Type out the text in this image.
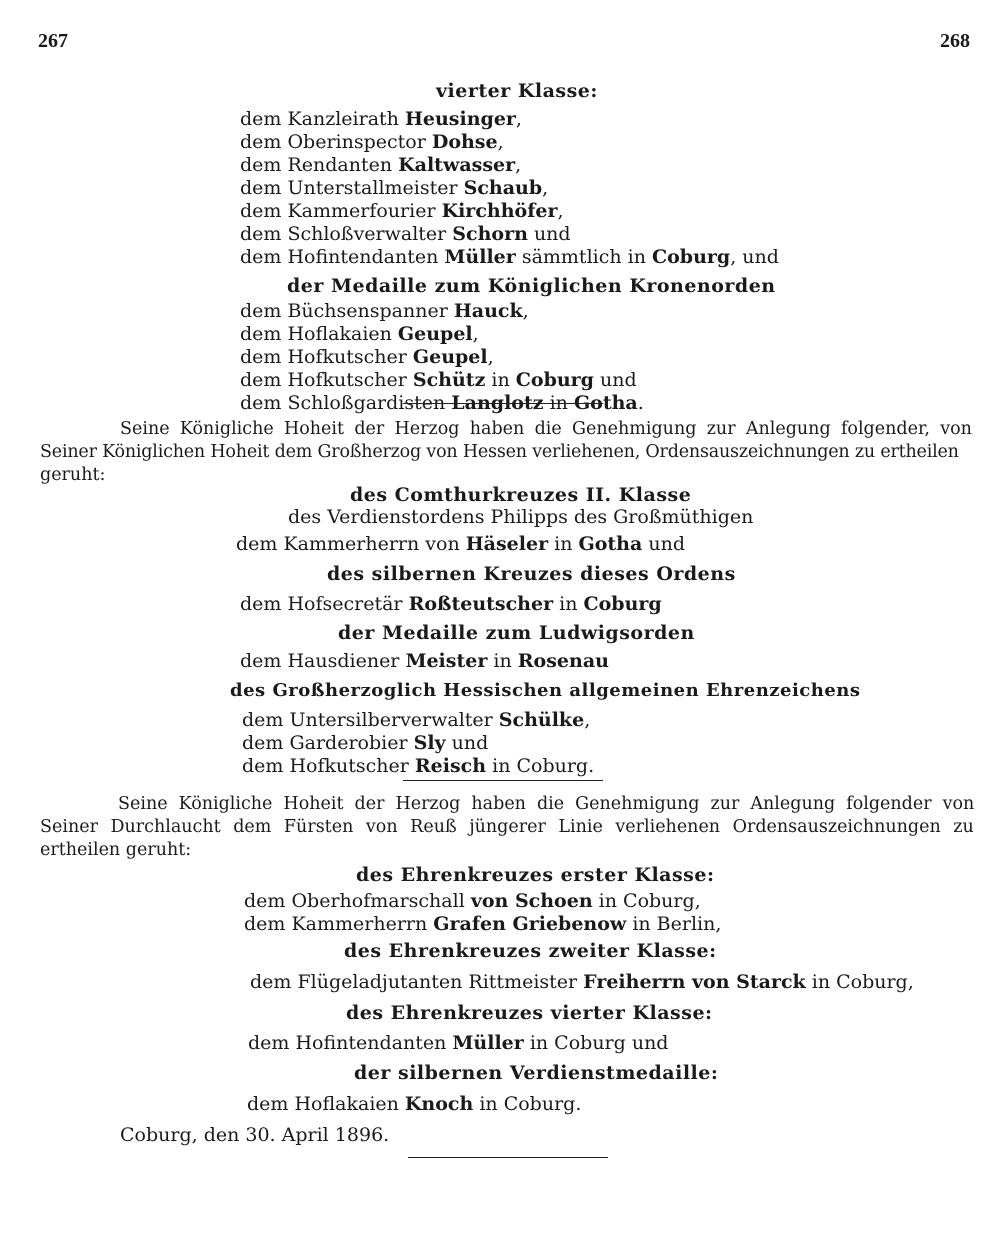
267	268
vierter Klasse:
dem Kanzleirath Heusinger,
dem Oberinspector Dohse,
dem Rendanten Kaltwasser,
dem Unterstallmeister Schaub,
dem Kammerfourier Kirchhöfer,
dem Schloßverwalter Schorn und
dem Hofintendanten Müller sämmtlich in Coburg, und
der Medaille zum Königlichen Kronenorden
dem Büchsenspanner Hauck,
dem Hoflakaien Geupel,
dem Hofkutscher Geupel,
dem Hofkutscher Schütz in Coburg und
dem Schloßgardisten Langlotz in Gotha.
Seine Königliche Hoheit der Herzog haben die Genehmigung zur Anlegung folgender, von
Seiner Königlichen Hoheit dem Großherzog von Hessen verliehenen, Ordensauszeichnungen zu ertheilen
geruht:
des Comthurkreuzes II. Klasse
des Verdienstordens Philipps des Großmüthigen
dem Kammerherrn von Häseler in Gotha und
des silbernen Kreuzes dieses Ordens
dem Hofsecretär Roßteutscher in Coburg
der Medaille zum Ludwigsorden
dem Hausdiener Meister in Rosenau
des Großherzoglich Hessischen allgemeinen Ehrenzeichens
dem Untersilberverwalter Schülke,
dem Garderobier Sly und
dem Hofkutscher Reisch in Coburg.
Seine Königliche Hoheit der Herzog haben die Genehmigung zur Anlegung folgender von
Seiner Durchlaucht dem Fürsten von Reuß jüngerer Linie verliehenen Ordensauszeichnungen zu
ertheilen geruht:
des Ehrenkreuzes erster Klasse:
dem Oberhofmarschall von Schoen in Coburg,
dem Kammerherrn Grafen Griebenow in Berlin,
des Ehrenkreuzes zweiter Klasse:
dem Flügeladjutanten Rittmeister Freiherrn von Starck in Coburg,
des Ehrenkreuzes vierter Klasse:
dem Hofintendanten Müller in Coburg und
der silbernen Verdienstmedaille:
dem Hoflakaien Knoch in Coburg.
Coburg, den 30. April 1896.
